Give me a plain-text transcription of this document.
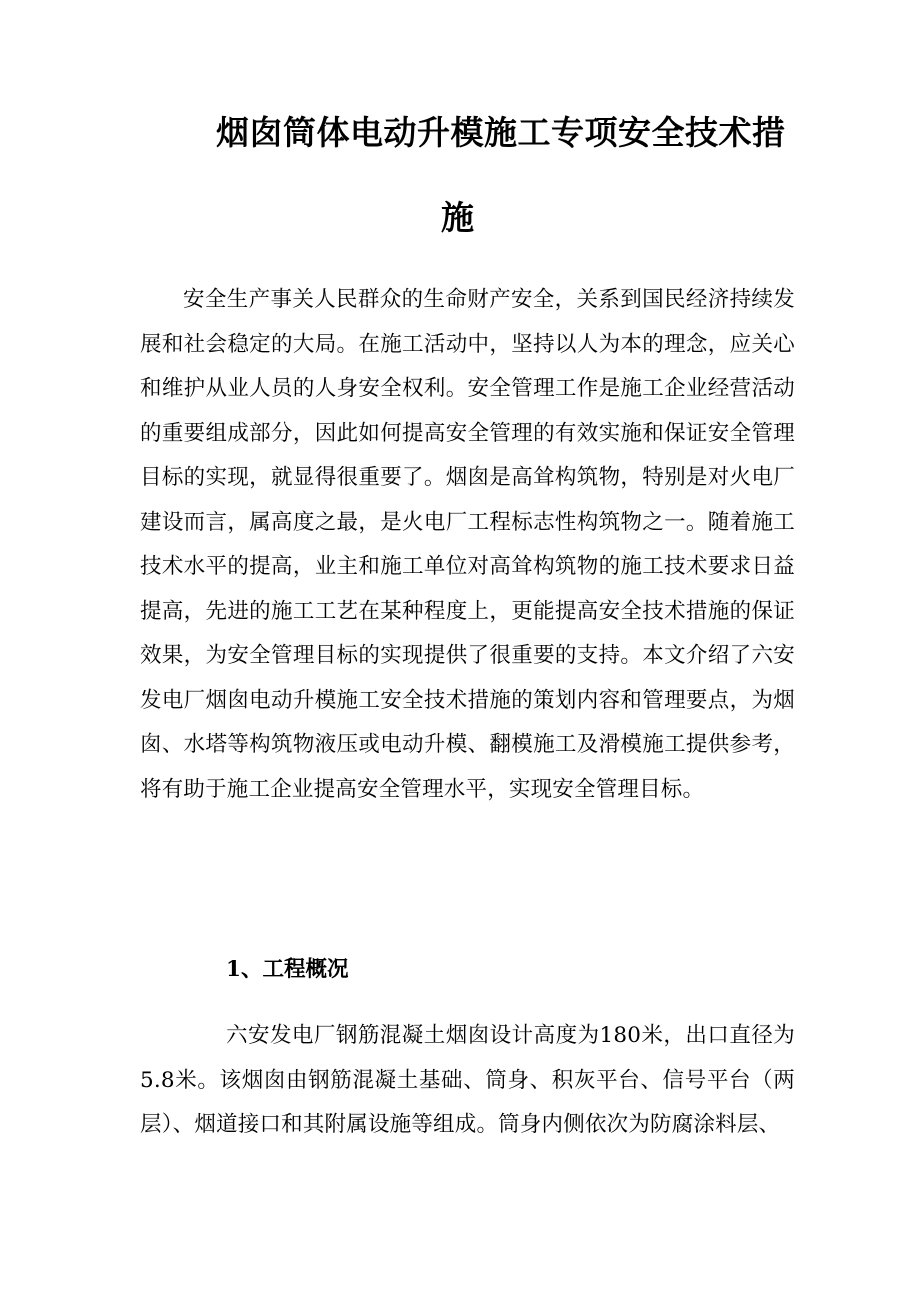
烟囱筒体电动升模施工专项安全技术措
施

安全生产事关人民群众的生命财产安全，关系到国民经济持续发展和社会稳定的大局。在施工活动中，坚持以人为本的理念，应关心和维护从业人员的人身安全权利。安全管理工作是施工企业经营活动的重要组成部分，因此如何提高安全管理的有效实施和保证安全管理目标的实现，就显得很重要了。烟囱是高耸构筑物，特别是对火电厂建设而言，属高度之最，是火电厂工程标志性构筑物之一。随着施工技术水平的提高，业主和施工单位对高耸构筑物的施工技术要求日益提高，先进的施工工艺在某种程度上，更能提高安全技术措施的保证效果，为安全管理目标的实现提供了很重要的支持。本文介绍了六安发电厂烟囱电动升模施工安全技术措施的策划内容和管理要点，为烟囱、水塔等构筑物液压或电动升模、翻模施工及滑模施工提供参考，将有助于施工企业提高安全管理水平，实现安全管理目标。

1、工程概况

六安发电厂钢筋混凝土烟囱设计高度为180米，出口直径为5.8米。该烟囱由钢筋混凝土基础、筒身、积灰平台、信号平台（两层）、烟道接口和其附属设施等组成。筒身内侧依次为防腐涂料层、
